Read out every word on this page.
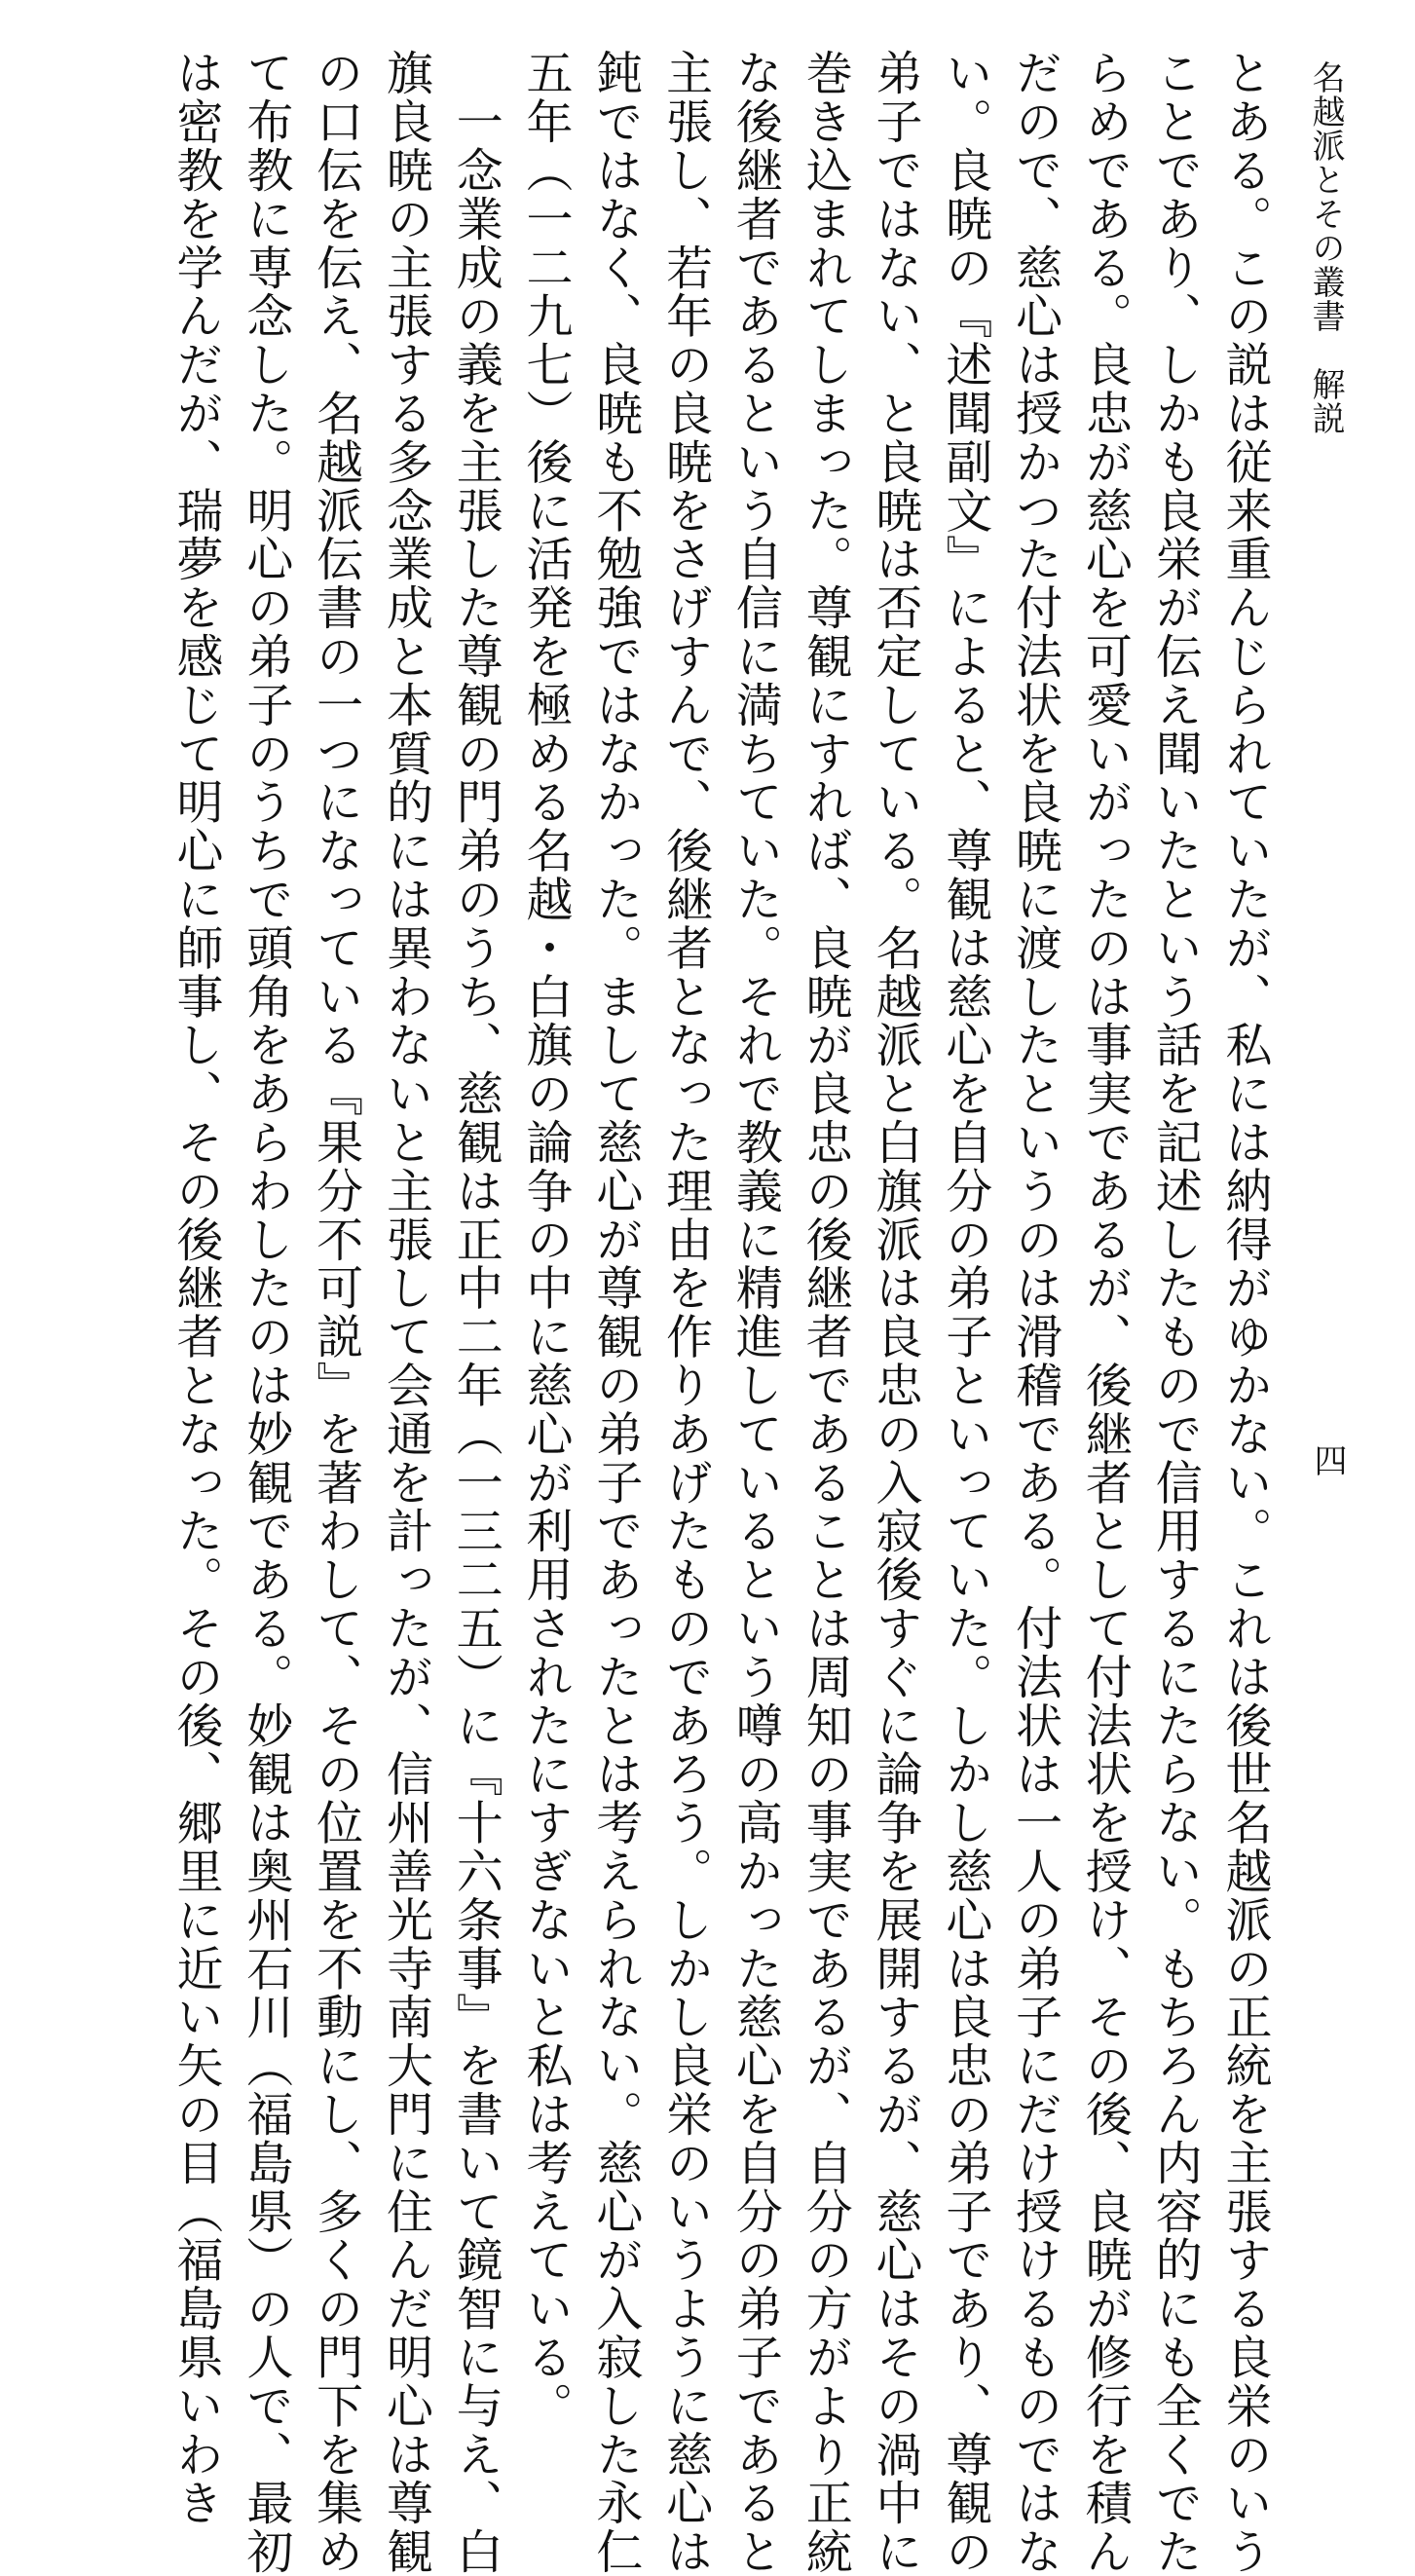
名越派とその叢書　解説
四
とある。この説は従来重んじられていたが、私には納得がゆかない。これは後世名越派の正統を主張する良栄のいう
ことであり、しかも良栄が伝え聞いたという話を記述したもので信用するにたらない。もちろん内容的にも全くでた
らめである。良忠が慈心を可愛いがったのは事実であるが、後継者として付法状を授け、その後、良暁が修行を積ん
だので、慈心は授かつた付法状を良暁に渡したというのは滑稽である。付法状は一人の弟子にだけ授けるものではな
い。良暁の『述聞副文』によると、尊観は慈心を自分の弟子といっていた。しかし慈心は良忠の弟子であり、尊観の
弟子ではない、と良暁は否定している。名越派と白旗派は良忠の入寂後すぐに論争を展開するが、慈心はその渦中に
巻き込まれてしまった。尊観にすれば、良暁が良忠の後継者であることは周知の事実であるが、自分の方がより正統
な後継者であるという自信に満ちていた。それで教義に精進しているという噂の高かった慈心を自分の弟子であると
主張し、若年の良暁をさげすんで、後継者となった理由を作りあげたものであろう。しかし良栄のいうように慈心は
鈍ではなく、良暁も不勉強ではなかった。まして慈心が尊観の弟子であったとは考えられない。慈心が入寂した永仁
五年（一二九七）後に活発を極める名越・白旗の論争の中に慈心が利用されたにすぎないと私は考えている。
　一念業成の義を主張した尊観の門弟のうち、慈観は正中二年（一三二五）に『十六条事』を書いて鏡智に与え、白
旗良暁の主張する多念業成と本質的には異わないと主張して会通を計ったが、信州善光寺南大門に住んだ明心は尊観
の口伝を伝え、名越派伝書の一つになっている『果分不可説』を著わして、その位置を不動にし、多くの門下を集め
て布教に専念した。明心の弟子のうちで頭角をあらわしたのは妙観である。妙観は奥州石川（福島県）の人で、最初
は密教を学んだが、瑞夢を感じて明心に師事し、その後継者となった。その後、郷里に近い矢の目（福島県いわき
